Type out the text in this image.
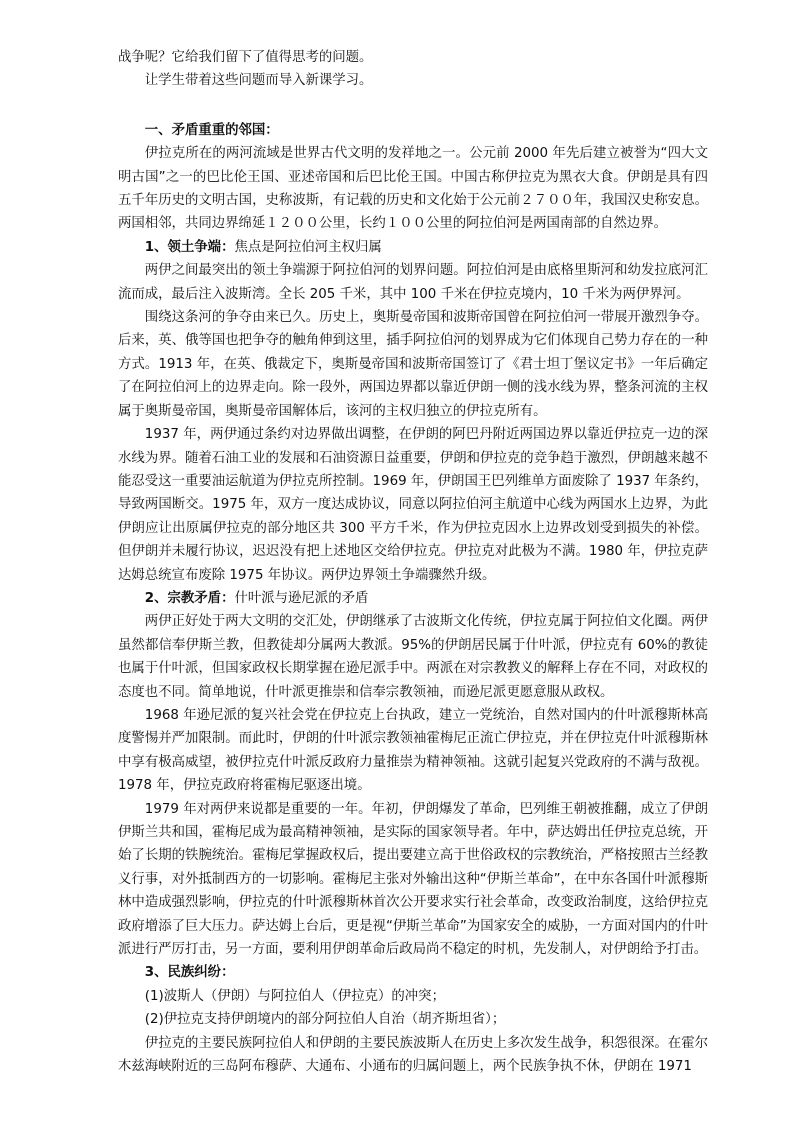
战争呢？它给我们留下了值得思考的问题。

让学生带着这些问题而导入新课学习。

一、矛盾重重的邻国：

伊拉克所在的两河流域是世界古代文明的发祥地之一。公元前 2000 年先后建立被誉为“四大文明古国”之一的巴比伦王国、亚述帝国和后巴比伦王国。中国古称伊拉克为黑衣大食。伊朗是具有四五千年历史的文明古国，史称波斯，有记载的历史和文化始于公元前２７００年，我国汉史称安息。两国相邻，共同边界绵延１２００公里，长约１００公里的阿拉伯河是两国南部的自然边界。

1、领土争端：焦点是阿拉伯河主权归属

两伊之间最突出的领土争端源于阿拉伯河的划界问题。阿拉伯河是由底格里斯河和幼发拉底河汇流而成，最后注入波斯湾。全长 205 千米，其中 100 千米在伊拉克境内，10 千米为两伊界河。

围绕这条河的争夺由来已久。历史上，奥斯曼帝国和波斯帝国曾在阿拉伯河一带展开激烈争夺。后来，英、俄等国也把争夺的触角伸到这里，插手阿拉伯河的划界成为它们体现自己势力存在的一种方式。1913 年，在英、俄裁定下，奥斯曼帝国和波斯帝国签订了《君士坦丁堡议定书》一年后确定了在阿拉伯河上的边界走向。除一段外，两国边界都以靠近伊朗一侧的浅水线为界，整条河流的主权属于奥斯曼帝国，奥斯曼帝国解体后，该河的主权归独立的伊拉克所有。

1937 年，两伊通过条约对边界做出调整，在伊朗的阿巴丹附近两国边界以靠近伊拉克一边的深水线为界。随着石油工业的发展和石油资源日益重要，伊朗和伊拉克的竞争趋于激烈，伊朗越来越不能忍受这一重要油运航道为伊拉克所控制。1969 年，伊朗国王巴列维单方面废除了 1937 年条约，导致两国断交。1975 年，双方一度达成协议，同意以阿拉伯河主航道中心线为两国水上边界，为此伊朗应让出原属伊拉克的部分地区共 300 平方千米，作为伊拉克因水上边界改划受到损失的补偿。但伊朗并未履行协议，迟迟没有把上述地区交给伊拉克。伊拉克对此极为不满。1980 年，伊拉克萨达姆总统宣布废除 1975 年协议。两伊边界领土争端骤然升级。

2、宗教矛盾：什叶派与逊尼派的矛盾

两伊正好处于两大文明的交汇处，伊朗继承了古波斯文化传统，伊拉克属于阿拉伯文化圈。两伊虽然都信奉伊斯兰教，但教徒却分属两大教派。95%的伊朗居民属于什叶派，伊拉克有 60%的教徒也属于什叶派，但国家政权长期掌握在逊尼派手中。两派在对宗教教义的解释上存在不同，对政权的态度也不同。简单地说，什叶派更推崇和信奉宗教领袖，而逊尼派更愿意服从政权。

1968 年逊尼派的复兴社会党在伊拉克上台执政，建立一党统治，自然对国内的什叶派穆斯林高度警惕并严加限制。而此时，伊朗的什叶派宗教领袖霍梅尼正流亡伊拉克，并在伊拉克什叶派穆斯林中享有极高威望，被伊拉克什叶派反政府力量推崇为精神领袖。这就引起复兴党政府的不满与敌视。1978 年，伊拉克政府将霍梅尼驱逐出境。

1979 年对两伊来说都是重要的一年。年初，伊朗爆发了革命，巴列维王朝被推翻，成立了伊朗伊斯兰共和国，霍梅尼成为最高精神领袖，是实际的国家领导者。年中，萨达姆出任伊拉克总统，开始了长期的铁腕统治。霍梅尼掌握政权后，提出要建立高于世俗政权的宗教统治，严格按照古兰经教义行事，对外抵制西方的一切影响。霍梅尼主张对外输出这种“伊斯兰革命”，在中东各国什叶派穆斯林中造成强烈影响，伊拉克的什叶派穆斯林首次公开要求实行社会革命，改变政治制度，这给伊拉克政府增添了巨大压力。萨达姆上台后，更是视“伊斯兰革命”为国家安全的威胁，一方面对国内的什叶派进行严厉打击，另一方面，要利用伊朗革命后政局尚不稳定的时机，先发制人，对伊朗给予打击。

3、民族纠纷：

(1)波斯人（伊朗）与阿拉伯人（伊拉克）的冲突；

(2)伊拉克支持伊朗境内的部分阿拉伯人自治（胡齐斯坦省）；

伊拉克的主要民族阿拉伯人和伊朗的主要民族波斯人在历史上多次发生战争，积怨很深。在霍尔木兹海峡附近的三岛阿布穆萨、大通布、小通布的归属问题上，两个民族争执不休，伊朗在 1971
